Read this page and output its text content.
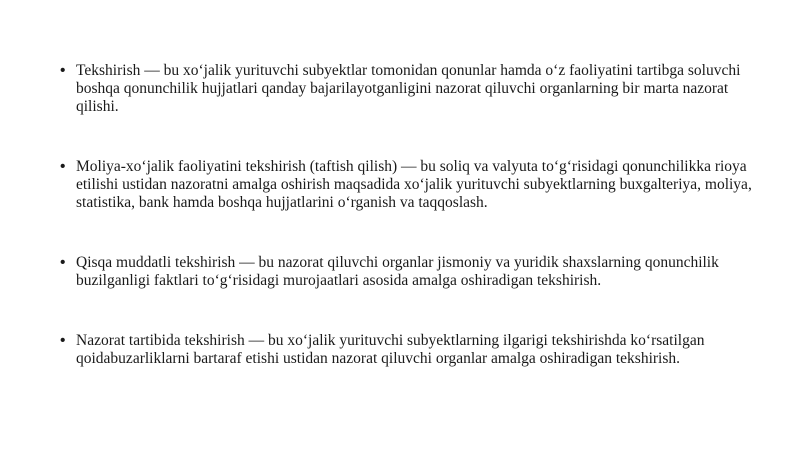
• Tekshirish — bu xo‘jalik yurituvchi subyektlar tomonidan qonunlar hamda o‘z faoliyatini tartibga soluvchi boshqa qonunchilik hujjatlari qanday bajarilayotganligini nazorat qiluvchi organlarning bir marta nazorat qilishi.
• Moliya-xo‘jalik faoliyatini tekshirish (taftish qilish) — bu soliq va valyuta to‘g‘risidagi qonunchilikka rioya etilishi ustidan nazoratni amalga oshirish maqsadida xo‘jalik yurituvchi subyektlarning buxgalteriya, moliya, statistika, bank hamda boshqa hujjatlarini o‘rganish va taqqoslash.
• Qisqa muddatli tekshirish — bu nazorat qiluvchi organlar jismoniy va yuridik shaxslarning qonunchilik buzilganligi faktlari to‘g‘risidagi murojaatlari asosida amalga oshiradigan tekshirish.
• Nazorat tartibida tekshirish — bu xo‘jalik yurituvchi subyektlarning ilgarigi tekshirishda ko‘rsatilgan qoidabuzarliklarni bartaraf etishi ustidan nazorat qiluvchi organlar amalga oshiradigan tekshirish.
